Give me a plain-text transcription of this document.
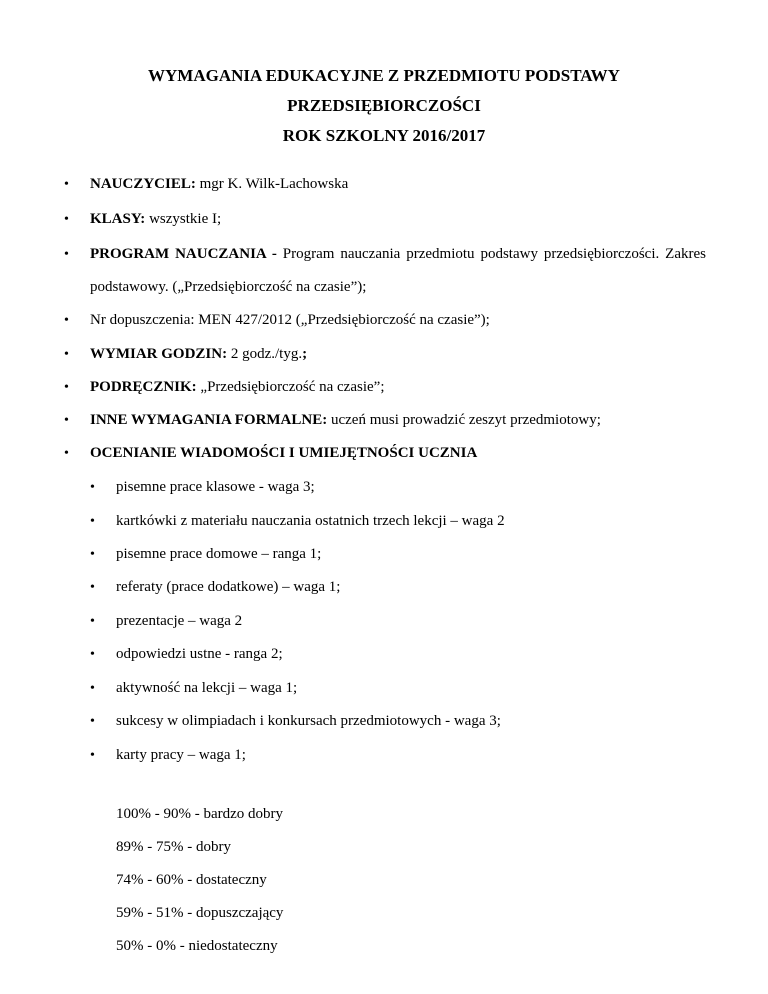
WYMAGANIA EDUKACYJNE Z PRZEDMIOTU PODSTAWY
PRZEDSIĘBIORCZOŚCI
ROK SZKOLNY 2016/2017
• NAUCZYCIEL: mgr K. Wilk-Lachowska
• KLASY: wszystkie I;
• PROGRAM NAUCZANIA - Program nauczania przedmiotu podstawy przedsiębiorczości. Zakres
podstawowy. („Przedsiębiorczość na czasie”);
• Nr dopuszczenia: MEN 427/2012 („Przedsiębiorczość na czasie”);
• WYMIAR GODZIN: 2 godz./tyg.;
• PODRĘCZNIK: „Przedsiębiorczość na czasie”;
• INNE WYMAGANIA FORMALNE: uczeń musi prowadzić zeszyt przedmiotowy;
• OCENIANIE WIADOMOŚCI I UMIEJĘTNOŚCI UCZNIA
• pisemne prace klasowe - waga 3;
• kartkówki z materiału nauczania ostatnich trzech lekcji – waga 2
• pisemne prace domowe – ranga 1;
• referaty (prace dodatkowe) – waga 1;
• prezentacje – waga 2
• odpowiedzi ustne - ranga 2;
• aktywność na lekcji – waga 1;
• sukcesy w olimpiadach i konkursach przedmiotowych - waga 3;
• karty pracy – waga 1;
100% - 90% - bardzo dobry
89% - 75% - dobry
74% - 60% - dostateczny
59% - 51% - dopuszczający
50% - 0% - niedostateczny
